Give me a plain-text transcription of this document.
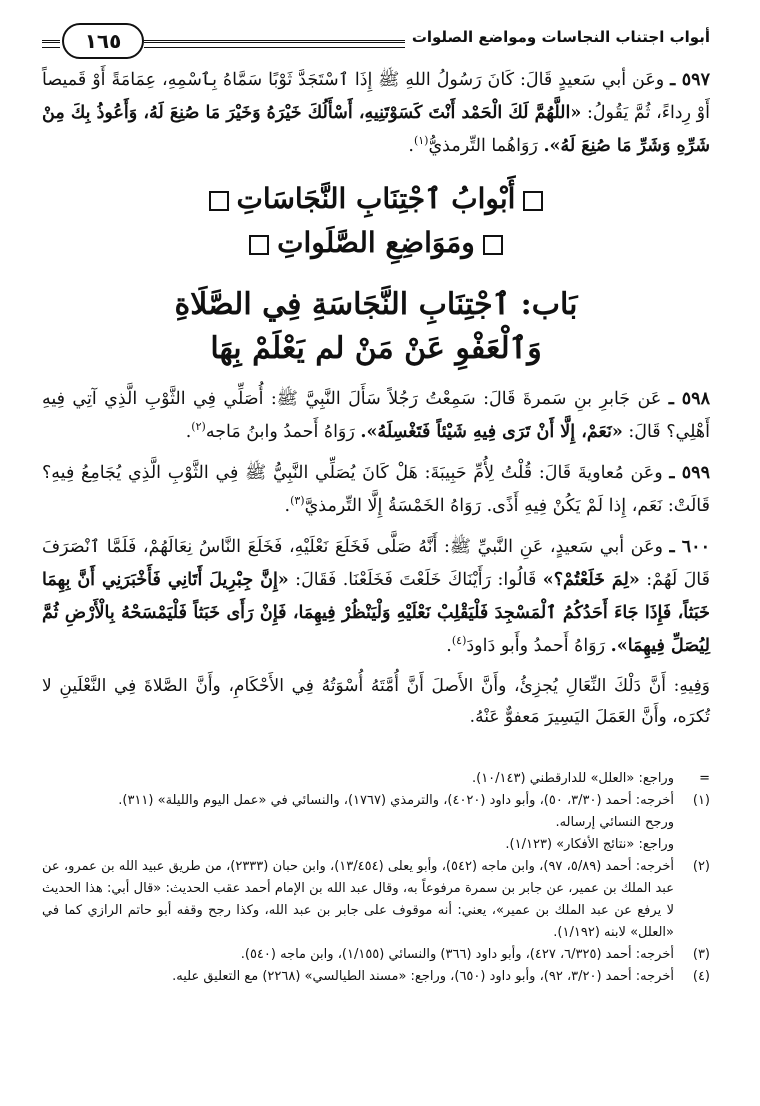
أبواب اجتناب النجاسات ومواضع الصلوات
١٦٥

٥٩٧ ـ وعَن أبي سَعيدٍ قَالَ: كَانَ رَسُولُ اللهِ ﷺ إِذَا ٱسْتَجَدَّ ثَوْبًا سَمَّاهُ بِٱسْمِهِ، عِمَامَةً أَوْ قَميصاً أَوْ رِداءً، ثُمَّ يَقُولُ: «اللَّهُمَّ لَكَ الْحَمْد أَنْتَ كَسَوْتَنِيهِ، أَسْأَلُكَ خَيْرَهُ وَخَيْرَ مَا صُنِعَ لَهُ، وَأَعُوذُ بِكَ مِنْ شَرِّهِ وَشَرِّ مَا صُنِعَ لَهُ». رَوَاهُما التِّرمذيُّ$^{(١)}$.

أَبْوابُ ٱجْتِنَابِ النَّجَاسَاتِ
ومَوَاضِعِ الصَّلَواتِ
بَاب: ٱجْتِنَابِ النَّجَاسَةِ فِي الصَّلَاةِ
وَٱلْعَفْوِ عَنْ مَنْ لم يَعْلَمْ بِهَا

٥٩٨ ـ عَن جَابرِ بنِ سَمرةَ قَالَ: سَمِعْتُ رَجُلاً سَأَلَ النَّبِيَّ ﷺ: أُصَلِّي فِي الثَّوْبِ الَّذِي آتِي فِيهِ أَهْلِي؟ قَالَ: «نَعَمْ، إِلَّا أَنْ تَرَى فِيهِ شَيْئاً فَتَغْسِلَهُ». رَوَاهُ أَحمدُ وابنُ مَاجه$^{(٢)}$.

٥٩٩ ـ وعَن مُعاويةَ قَالَ: قُلْتُ لِأُمِّ حَبِيبَةَ: هَلْ كَانَ يُصَلِّي النَّبِيُّ ﷺ فِي الثَّوْبِ الَّذِي يُجَامِعُ فِيهِ؟ قَالَتْ: نَعَم، إِذا لَمْ يَكُنْ فِيهِ أَذًى. رَوَاهُ الخَمْسَةُ إِلَّا التِّرمذيَّ$^{(٣)}$.

٦٠٠ ـ وعَن أبي سَعيدٍ، عَنِ النَّبيِّ ﷺ: أَنَّهُ صَلَّى فَخَلَعَ نَعْلَيْهِ، فَخَلَعَ النَّاسُ نِعَالَهُمْ، فَلَمَّا ٱنْصَرَفَ قَالَ لَهُمْ: «لِمَ خَلَعْتُمْ؟» قَالُوا: رَأَيْنَاكَ خَلَعْتَ فَخَلَعْنَا. فَقَالَ: «إِنَّ جِبْرِيلَ أَتَانِي فَأَخْبَرَنِي أَنَّ بِهِمَا خَبَثاً، فَإِذَا جَاءَ أَحَدُكُمُ ٱلْمَسْجِدَ فَلْيَقْلِبْ نَعْلَيْهِ وَلْيَنْظُرْ فِيهِمَا، فَإِنْ رَأَى خَبَثاً فَلْيَمْسَحْهُ بِالْأَرْضِ ثُمَّ لِيُصَلِّ فِيهِمَا». رَوَاهُ أَحمدُ وأَبو دَاودَ$^{(٤)}$.

وَفِيهِ: أَنَّ دَلْكَ النِّعَالِ يُجزِئُ، وأَنَّ الأَصلَ أَنَّ أُمَّتَهُ أُسْوَتُهُ فِي الأَحْكَامِ، وأَنَّ الصَّلاةَ فِي النَّعْلَينِ لا تُكرَه، وأَنَّ العَمَلَ اليَسِيرَ مَعفوٌّ عَنْهُ.

=
وراجع: «العلل» للدارقطني (١٠/١٤٣).
(١)
أخرجه: أحمد (٣/٣٠، ٥٠)، وأبو داود (٤٠٢٠)، والترمذي (١٧٦٧)، والنسائي في «عمل اليوم والليلة» (٣١١).
ورجح النسائي إرساله.
وراجع: «نتائج الأفكار» (١/١٢٣).
(٢)
أخرجه: أحمد (٥/٨٩، ٩٧)، وابن ماجه (٥٤٢)، وأبو يعلى (١٣/٤٥٤)، وابن حبان (٢٣٣٣)، من طريق عبيد الله بن عمرو، عن عبد الملك بن عمير، عن جابر بن سمرة مرفوعاً به، وقال عبد الله بن الإمام أحمد عقب الحديث: «قال أبي: هذا الحديث لا يرفع عن عبد الملك بن عمير»، يعني: أنه موقوف على جابر بن عبد الله، وكذا رجح وقفه أبو حاتم الرازي كما في «العلل» لابنه (١/١٩٢).
(٣)
أخرجه: أحمد (٦/٣٢٥، ٤٢٧)، وأبو داود (٣٦٦) والنسائي (١/١٥٥)، وابن ماجه (٥٤٠).
(٤)
أخرجه: أحمد (٣/٢٠، ٩٢)، وأبو داود (٦٥٠)، وراجع: «مسند الطيالسي» (٢٢٦٨) مع التعليق عليه.
